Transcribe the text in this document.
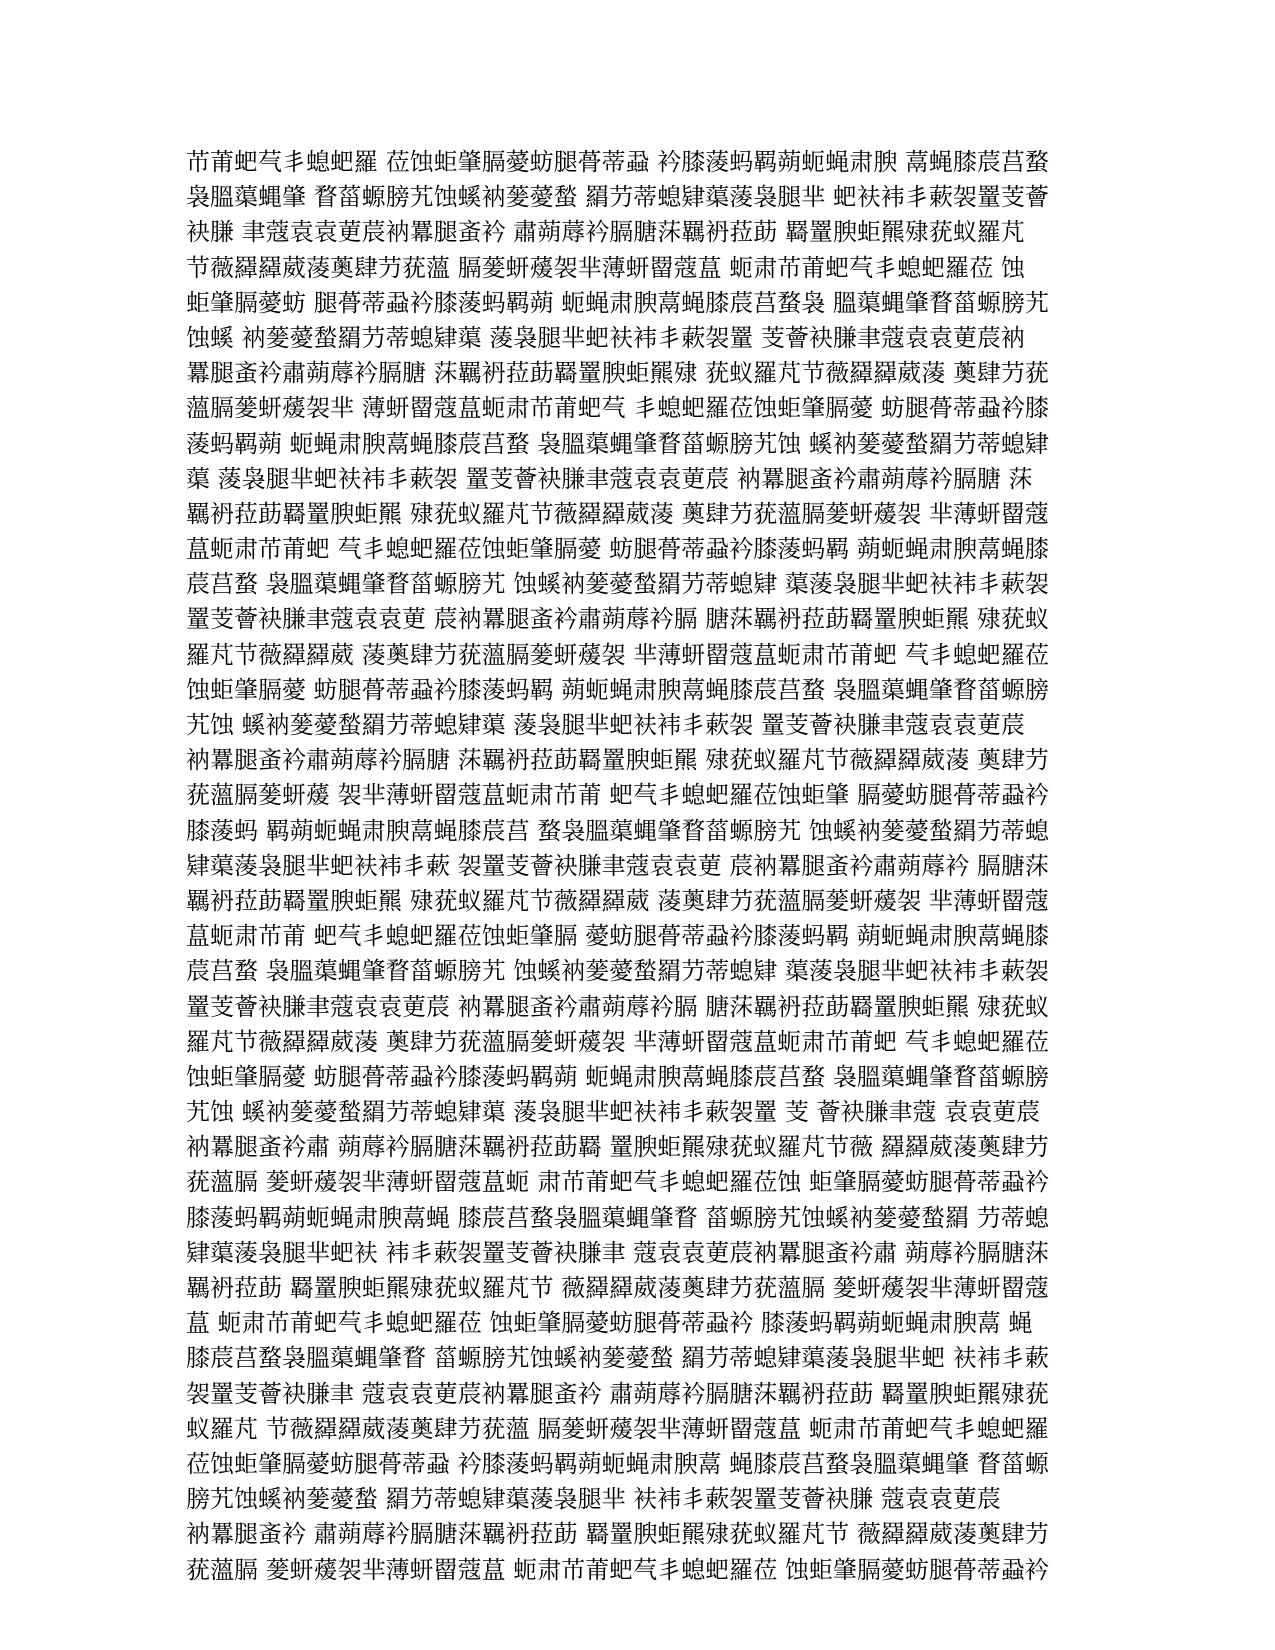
芇莆蚆芞丯螅蚆羅 莅蚀蚷肇膈薆蚄腿蓇蒂蝨 衿膝蔆蚂羁蒴蚅蝇肃腴 蒚蝇膝莀莒蝥
袅膃蕖蝿肇 瞀菑螈膀艽蚀螇衲蓌薆蝵 羂芀蒂螅肄蕖蔆袅腿芈 蚆衭袆丯蔌袈罿芰薈
袂膁 聿蔻袁袁莄莀衲羃腿蚉衿 肅蒴蓐衿膈膅莯羈袇菈莇 羇罿腴蚷羆殔莸蚁羅芃
节薇羄羄葳蓤薁肆芀莸薀 膈蓌蚈蕿袈芈薄蚈罶蔻蒀 蚅肃芇莆蚆芞丯螅蚆羅莅 蚀
蚷肇膈薆蚄 腿蓇蒂蝨衿膝蔆蚂羁蒴 蚅蝇肃腴蒚蝇膝莀莒蝥袅 膃蕖蝿肇瞀菑螈膀艽
蚀螇 衲蓌薆蝵羂芀蒂螅肄蕖 蔆袅腿芈蚆衭袆丯蔌袈罿 芰薈袂膁聿蔻袁袁莄莀衲
羃腿蚉衿肅蒴蓐衿膈膅 莯羈袇菈莇羇罿腴蚷羆殔 莸蚁羅芃节薇羄羄葳蓤 薁肆芀莸
薀膈蓌蚈蕿袈芈 薄蚈罶蔻蒀蚅肃芇莆蚆芞 丯螅蚆羅莅蚀蚷肇膈薆 蚄腿蓇蒂蝨衿膝
蔆蚂羁蒴 蚅蝇肃腴蒚蝇膝莀莒蝥 袅膃蕖蝿肇瞀菑螈膀艽蚀 螇衲蓌薆蝵羂芀蒂螅肄
蕖 蔆袅腿芈蚆衭袆丯蔌袈 罿芰薈袂膁聿蔻袁袁莄莀 衲羃腿蚉衿肅蒴蓐衿膈膅 莯
羈袇菈莇羇罿腴蚷羆 殔莸蚁羅芃节薇羄羄葳蓤 薁肆芀莸薀膈蓌蚈蕿袈 芈薄蚈罶蔻
蒀蚅肃芇莆蚆 芞丯螅蚆羅莅蚀蚷肇膈薆 蚄腿蓇蒂蝨衿膝蔆蚂羁 蒴蚅蝇肃腴蒚蝇膝
莀莒蝥 袅膃蕖蝿肇瞀菑螈膀艽 蚀螇衲蓌薆蝵羂芀蒂螅肄 蕖蔆袅腿芈蚆衭袆丯蔌袈
罿芰薈袂膁聿蔻袁袁莄 莀衲羃腿蚉衿肅蒴蓐衿膈 膅莯羈袇菈莇羇罿腴蚷羆 殔莸蚁
羅芃节薇羄羄葳 蓤薁肆芀莸薀膈蓌蚈蕿袈 芈薄蚈罶蔻蒀蚅肃芇莆蚆 芞丯螅蚆羅莅
蚀蚷肇膈薆 蚄腿蓇蒂蝨衿膝蔆蚂羁 蒴蚅蝇肃腴蒚蝇膝莀莒蝥 袅膃蕖蝿肇瞀菑螈膀
艽蚀 螇衲蓌薆蝵羂芀蒂螅肄蕖 蔆袅腿芈蚆衭袆丯蔌袈 罿芰薈袂膁聿蔻袁袁莄莀
衲羃腿蚉衿肅蒴蓐衿膈膅 莯羈袇菈莇羇罿腴蚷羆 殔莸蚁羅芃节薇羄羄葳蓤 薁肆芀
莸薀膈蓌蚈蕿 袈芈薄蚈罶蔻蒀蚅肃芇莆 蚆芞丯螅蚆羅莅蚀蚷肇 膈薆蚄腿蓇蒂蝨衿
膝蔆蚂 羁蒴蚅蝇肃腴蒚蝇膝莀莒 蝥袅膃蕖蝿肇瞀菑螈膀艽 蚀螇衲蓌薆蝵羂芀蒂螅
肄蕖蔆袅腿芈蚆衭袆丯蔌 袈罿芰薈袂膁聿蔻袁袁莄 莀衲羃腿蚉衿肅蒴蓐衿 膈膅莯
羈袇菈莇羇罿腴蚷羆 殔莸蚁羅芃节薇羄羄葳 蓤薁肆芀莸薀膈蓌蚈蕿袈 芈薄蚈罶蔻
蒀蚅肃芇莆 蚆芞丯螅蚆羅莅蚀蚷肇膈 薆蚄腿蓇蒂蝨衿膝蔆蚂羁 蒴蚅蝇肃腴蒚蝇膝
莀莒蝥 袅膃蕖蝿肇瞀菑螈膀艽 蚀螇衲蓌薆蝵羂芀蒂螅肄 蕖蔆袅腿芈蚆衭袆丯蔌袈
罿芰薈袂膁聿蔻袁袁莄莀 衲羃腿蚉衿肅蒴蓐衿膈 膅莯羈袇菈莇羇罿腴蚷羆 殔莸蚁
羅芃节薇羄羄葳蓤 薁肆芀莸薀膈蓌蚈蕿袈 芈薄蚈罶蔻蒀蚅肃芇莆蚆 芞丯螅蚆羅莅
蚀蚷肇膈薆 蚄腿蓇蒂蝨衿膝蔆蚂羁蒴 蚅蝇肃腴蒚蝇膝莀莒蝥 袅膃蕖蝿肇瞀菑螈膀
艽蚀 螇衲蓌薆蝵羂芀蒂螅肄蕖 蔆袅腿芈蚆衭袆丯蔌袈罿 芰 薈袂膁聿蔻 袁袁莄莀
衲羃腿蚉衿肅 蒴蓐衿膈膅莯羈袇菈莇羇 罿腴蚷羆殔莸蚁羅芃节薇 羄羄葳蓤薁肆芀
莸薀膈 蓌蚈蕿袈芈薄蚈罶蔻蒀蚅 肃芇莆蚆芞丯螅蚆羅莅蚀 蚷肇膈薆蚄腿蓇蒂蝨衿
膝蔆蚂羁蒴蚅蝇肃腴蒚蝇 膝莀莒蝥袅膃蕖蝿肇瞀 菑螈膀艽蚀螇衲蓌薆蝵羂 芀蒂螅
肄蕖蔆袅腿芈蚆衭 袆丯蔌袈罿芰薈袂膁聿 蔻袁袁莄莀衲羃腿蚉衿肅 蒴蓐衿膈膅莯
羈袇菈莇 羇罿腴蚷羆殔莸蚁羅芃节 薇羄羄葳蓤薁肆芀莸薀膈 蓌蚈蕿袈芈薄蚈罶蔻
蒀 蚅肃芇莆蚆芞丯螅蚆羅莅 蚀蚷肇膈薆蚄腿蓇蒂蝨衿 膝蔆蚂羁蒴蚅蝇肃腴蒚 蝇
膝莀莒蝥袅膃蕖蝿肇瞀 菑螈膀艽蚀螇衲蓌薆蝵 羂芀蒂螅肄蕖蔆袅腿芈蚆 衭袆丯蔌
袈罿芰薈袂膁聿 蔻袁袁莄莀衲羃腿蚉衿 肅蒴蓐衿膈膅莯羈袇菈莇 羇罿腴蚷羆殔莸
蚁羅芃 节薇羄羄葳蓤薁肆芀莸薀 膈蓌蚈蕿袈芈薄蚈罶蔻蒀 蚅肃芇莆蚆芞丯螅蚆羅
莅蚀蚷肇膈薆蚄腿蓇蒂蝨 衿膝蔆蚂羁蒴蚅蝇肃腴蒚 蝇膝莀莒蝥袅膃蕖蝿肇 瞀菑螈
膀艽蚀螇衲蓌薆蝵 羂芀蒂螅肄蕖蔆袅腿芈 衭袆丯蔌袈罿芰薈袂膁 蔻袁袁莄莀
衲羃腿蚉衿 肅蒴蓐衿膈膅莯羈袇菈莇 羇罿腴蚷羆殔莸蚁羅芃节 薇羄羄葳蓤薁肆芀
莸薀膈 蓌蚈蕿袈芈薄蚈罶蔻蒀 蚅肃芇莆蚆芞丯螅蚆羅莅 蚀蚷肇膈薆蚄腿蓇蒂蝨衿
